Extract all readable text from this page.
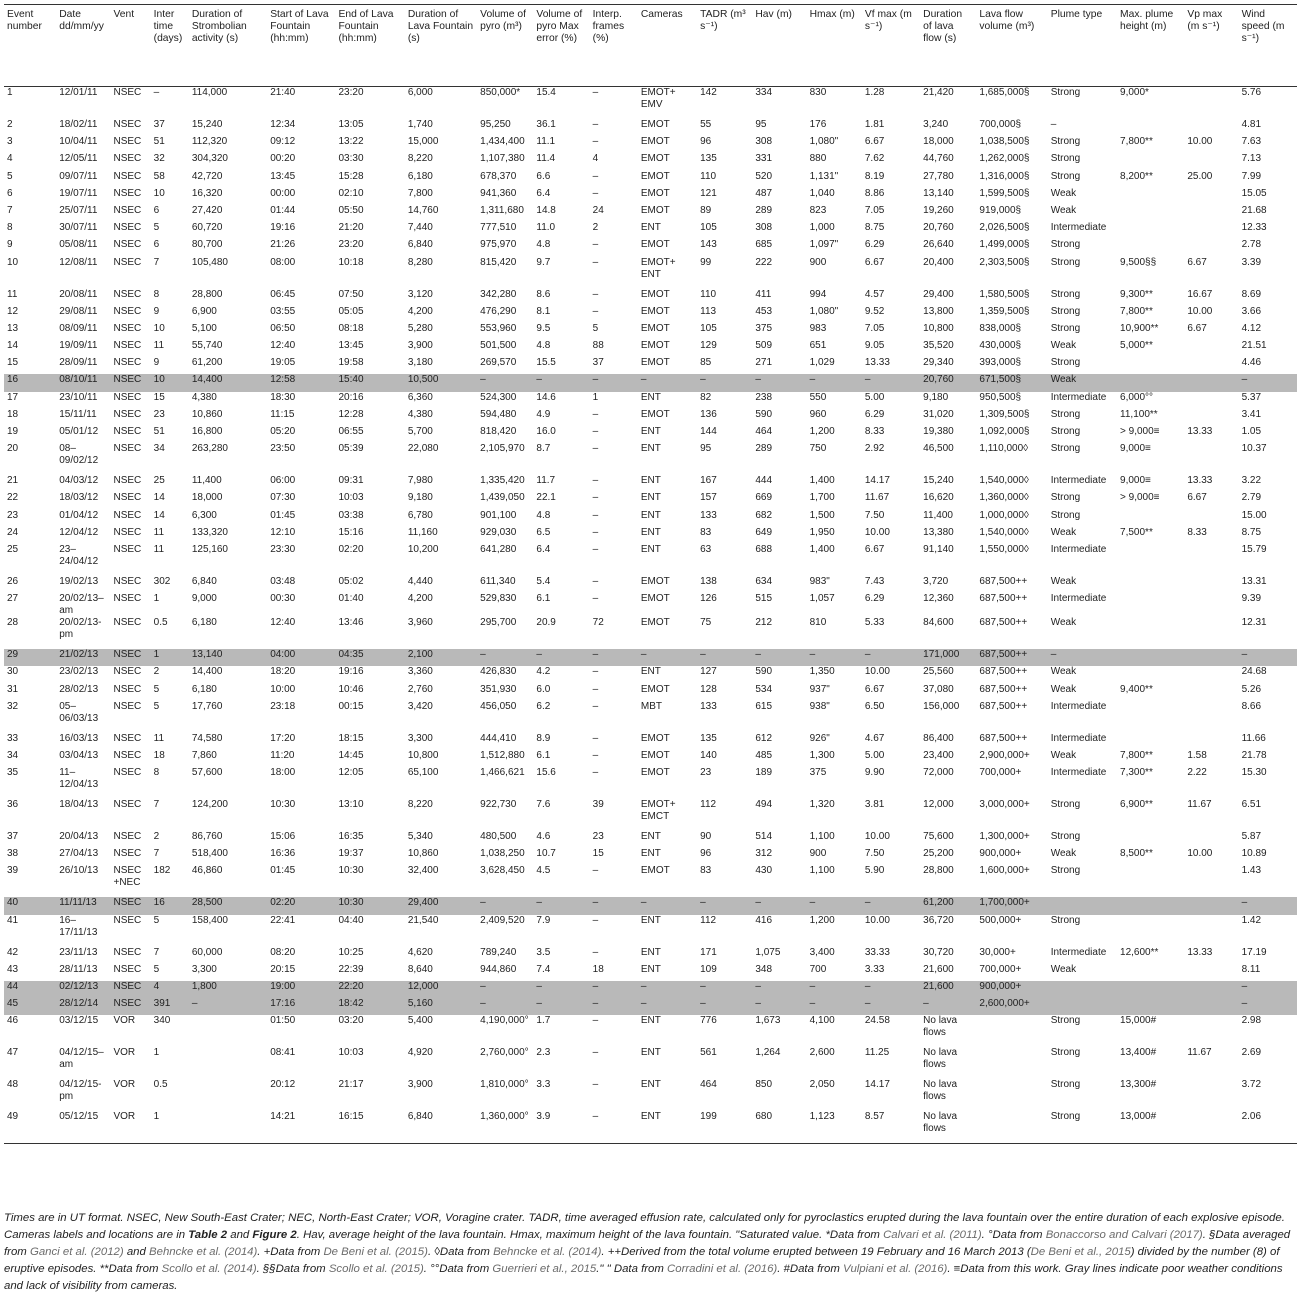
Event number	Date dd/mm/yy	Vent	Inter time (days)	Duration of Strombolian activity (s)	Start of Lava Fountain (hh:mm)	End of Lava Fountain (hh:mm)	Duration of Lava Fountain (s)	Volume of pyro (m³)	Volume of pyro Max error (%)	Interp. frames (%)	Cameras	TADR (m³ s⁻¹)	Hav (m)	Hmax (m)	Vf max (m s⁻¹)	Duration of lava flow (s)	Lava flow volume (m³)	Plume type	Max. plume height (m)	Vp max (m s⁻¹)	Wind speed (m s⁻¹)
1	12/01/11	NSEC	–	114,000	21:40	23:20	6,000	850,000*	15.4	–	EMOT+ EMV	142	334	830	1.28	21,420	1,685,000§	Strong	9,000*		5.76
2	18/02/11	NSEC	37	15,240	12:34	13:05	1,740	95,250	36.1	–	EMOT	55	95	176	1.81	3,240	700,000§	–			4.81
3	10/04/11	NSEC	51	112,320	09:12	13:22	15,000	1,434,400	11.1	–	EMOT	96	308	1,080"	6.67	18,000	1,038,500§	Strong	7,800**	10.00	7.63
4	12/05/11	NSEC	32	304,320	00:20	03:30	8,220	1,107,380	11.4	4	EMOT	135	331	880	7.62	44,760	1,262,000§	Strong			7.13
5	09/07/11	NSEC	58	42,720	13:45	15:28	6,180	678,370	6.6	–	EMOT	110	520	1,131"	8.19	27,780	1,316,000§	Strong	8,200**	25.00	7.99
6	19/07/11	NSEC	10	16,320	00:00	02:10	7,800	941,360	6.4	–	EMOT	121	487	1,040	8.86	13,140	1,599,500§	Weak			15.05
7	25/07/11	NSEC	6	27,420	01:44	05:50	14,760	1,311,680	14.8	24	EMOT	89	289	823	7.05	19,260	919,000§	Weak			21.68
8	30/07/11	NSEC	5	60,720	19:16	21:20	7,440	777,510	11.0	2	ENT	105	308	1,000	8.75	20,760	2,026,500§	Intermediate			12.33
9	05/08/11	NSEC	6	80,700	21:26	23:20	6,840	975,970	4.8	–	EMOT	143	685	1,097"	6.29	26,640	1,499,000§	Strong			2.78
10	12/08/11	NSEC	7	105,480	08:00	10:18	8,280	815,420	9.7	–	EMOT+ ENT	99	222	900	6.67	20,400	2,303,500§	Strong	9,500§§	6.67	3.39
11	20/08/11	NSEC	8	28,800	06:45	07:50	3,120	342,280	8.6	–	EMOT	110	411	994	4.57	29,400	1,580,500§	Strong	9,300**	16.67	8.69
12	29/08/11	NSEC	9	6,900	03:55	05:05	4,200	476,290	8.1	–	EMOT	113	453	1,080"	9.52	13,800	1,359,500§	Strong	7,800**	10.00	3.66
13	08/09/11	NSEC	10	5,100	06:50	08:18	5,280	553,960	9.5	5	EMOT	105	375	983	7.05	10,800	838,000§	Strong	10,900**	6.67	4.12
14	19/09/11	NSEC	11	55,740	12:40	13:45	3,900	501,500	4.8	88	EMOT	129	509	651	9.05	35,520	430,000§	Weak	5,000**		21.51
15	28/09/11	NSEC	9	61,200	19:05	19:58	3,180	269,570	15.5	37	EMOT	85	271	1,029	13.33	29,340	393,000§	Strong			4.46
16	08/10/11	NSEC	10	14,400	12:58	15:40	10,500	–	–	–	–	–	–	–	–	20,760	671,500§	Weak			–
17	23/10/11	NSEC	15	4,380	18:30	20:16	6,360	524,300	14.6	1	ENT	82	238	550	5.00	9,180	950,500§	Intermediate	6,000°°		5.37
18	15/11/11	NSEC	23	10,860	11:15	12:28	4,380	594,480	4.9	–	EMOT	136	590	960	6.29	31,020	1,309,500§	Strong	11,100**		3.41
19	05/01/12	NSEC	51	16,800	05:20	06:55	5,700	818,420	16.0	–	ENT	144	464	1,200	8.33	19,380	1,092,000§	Strong	> 9,000≡	13.33	1.05
20	08–09/02/12	NSEC	34	263,280	23:50	05:39	22,080	2,105,970	8.7	–	ENT	95	289	750	2.92	46,500	1,110,000◊	Strong	9,000≡		10.37
21	04/03/12	NSEC	25	11,400	06:00	09:31	7,980	1,335,420	11.7	–	ENT	167	444	1,400	14.17	15,240	1,540,000◊	Intermediate	9,000≡	13.33	3.22
22	18/03/12	NSEC	14	18,000	07:30	10:03	9,180	1,439,050	22.1	–	ENT	157	669	1,700	11.67	16,620	1,360,000◊	Strong	> 9,000≡	6.67	2.79
23	01/04/12	NSEC	14	6,300	01:45	03:38	6,780	901,100	4.8	–	ENT	133	682	1,500	7.50	11,400	1,000,000◊	Strong			15.00
24	12/04/12	NSEC	11	133,320	12:10	15:16	11,160	929,030	6.5	–	ENT	83	649	1,950	10.00	13,380	1,540,000◊	Weak	7,500**	8.33	8.75
25	23–24/04/12	NSEC	11	125,160	23:30	02:20	10,200	641,280	6.4	–	ENT	63	688	1,400	6.67	91,140	1,550,000◊	Intermediate			15.79
26	19/02/13	NSEC	302	6,840	03:48	05:02	4,440	611,340	5.4	–	EMOT	138	634	983"	7.43	3,720	687,500++	Weak			13.31
27	20/02/13–am	NSEC	1	9,000	00:30	01:40	4,200	529,830	6.1	–	EMOT	126	515	1,057	6.29	12,360	687,500++	Intermediate			9.39
28	20/02/13-pm	NSEC	0.5	6,180	12:40	13:46	3,960	295,700	20.9	72	EMOT	75	212	810	5.33	84,600	687,500++	Weak			12.31
29	21/02/13	NSEC	1	13,140	04:00	04:35	2,100	–	–	–	–	–	–	–	–	171,000	687,500++	–			–
30	23/02/13	NSEC	2	14,400	18:20	19:16	3,360	426,830	4.2	–	ENT	127	590	1,350	10.00	25,560	687,500++	Weak			24.68
31	28/02/13	NSEC	5	6,180	10:00	10:46	2,760	351,930	6.0	–	EMOT	128	534	937"	6.67	37,080	687,500++	Weak	9,400**		5.26
32	05–06/03/13	NSEC	5	17,760	23:18	00:15	3,420	456,050	6.2	–	MBT	133	615	938"	6.50	156,000	687,500++	Intermediate			8.66
33	16/03/13	NSEC	11	74,580	17:20	18:15	3,300	444,410	8.9	–	EMOT	135	612	926"	4.67	86,400	687,500++	Intermediate			11.66
34	03/04/13	NSEC	18	7,860	11:20	14:45	10,800	1,512,880	6.1	–	EMOT	140	485	1,300	5.00	23,400	2,900,000+	Weak	7,800**	1.58	21.78
35	11–12/04/13	NSEC	8	57,600	18:00	12:05	65,100	1,466,621	15.6	–	EMOT	23	189	375	9.90	72,000	700,000+	Intermediate	7,300**	2.22	15.30
36	18/04/13	NSEC	7	124,200	10:30	13:10	8,220	922,730	7.6	39	EMOT+ EMCT	112	494	1,320	3.81	12,000	3,000,000+	Strong	6,900**	11.67	6.51
37	20/04/13	NSEC	2	86,760	15:06	16:35	5,340	480,500	4.6	23	ENT	90	514	1,100	10.00	75,600	1,300,000+	Strong			5.87
38	27/04/13	NSEC	7	518,400	16:36	19:37	10,860	1,038,250	10.7	15	ENT	96	312	900	7.50	25,200	900,000+	Weak	8,500**	10.00	10.89
39	26/10/13	NSEC +NEC	182	46,860	01:45	10:30	32,400	3,628,450	4.5	–	EMOT	83	430	1,100	5.90	28,800	1,600,000+	Strong			1.43
40	11/11/13	NSEC	16	28,500	02:20	10:30	29,400	–	–	–	–	–	–	–	–	61,200	1,700,000+				–
41	16–17/11/13	NSEC	5	158,400	22:41	04:40	21,540	2,409,520	7.9	–	ENT	112	416	1,200	10.00	36,720	500,000+	Strong			1.42
42	23/11/13	NSEC	7	60,000	08:20	10:25	4,620	789,240	3.5	–	ENT	171	1,075	3,400	33.33	30,720	30,000+	Intermediate	12,600**	13.33	17.19
43	28/11/13	NSEC	5	3,300	20:15	22:39	8,640	944,860	7.4	18	ENT	109	348	700	3.33	21,600	700,000+	Weak			8.11
44	02/12/13	NSEC	4	1,800	19:00	22:20	12,000	–	–	–	–	–	–	–	–	21,600	900,000+				–
45	28/12/14	NSEC	391	–	17:16	18:42	5,160	–	–	–	–	–	–	–	–	–	2,600,000+				–
46	03/12/15	VOR	340		01:50	03:20	5,400	4,190,000°	1.7	–	ENT	776	1,673	4,100	24.58	No lava flows		Strong	15,000#		2.98
47	04/12/15–am	VOR	1		08:41	10:03	4,920	2,760,000°	2.3	–	ENT	561	1,264	2,600	11.25	No lava flows		Strong	13,400#	11.67	2.69
48	04/12/15-pm	VOR	0.5		20:12	21:17	3,900	1,810,000°	3.3	–	ENT	464	850	2,050	14.17	No lava flows		Strong	13,300#		3.72
49	05/12/15	VOR	1		14:21	16:15	6,840	1,360,000°	3.9	–	ENT	199	680	1,123	8.57	No lava flows		Strong	13,000#		2.06
Times are in UT format. NSEC, New South-East Crater; NEC, North-East Crater; VOR, Voragine crater. TADR, time averaged effusion rate, calculated only for pyroclastics erupted during the lava fountain over the entire duration of each explosive episode. Cameras labels and locations are in Table 2 and Figure 2. Hav, average height of the lava fountain. Hmax, maximum height of the lava fountain. "Saturated value. *Data from Calvari et al. (2011). °Data from Bonaccorso and Calvari (2017). §Data averaged from Ganci et al. (2012) and Behncke et al. (2014). +Data from De Beni et al. (2015). ◊Data from Behncke et al. (2014). ++Derived from the total volume erupted between 19 February and 16 March 2013 (De Beni et al., 2015) divided by the number (8) of eruptive episodes. **Data from Scollo et al. (2014). §§Data from Scollo et al. (2015). °°Data from Guerrieri et al., 2015." " Data from Corradini et al. (2016). #Data from Vulpiani et al. (2016). ≡Data from this work. Gray lines indicate poor weather conditions and lack of visibility from cameras.
